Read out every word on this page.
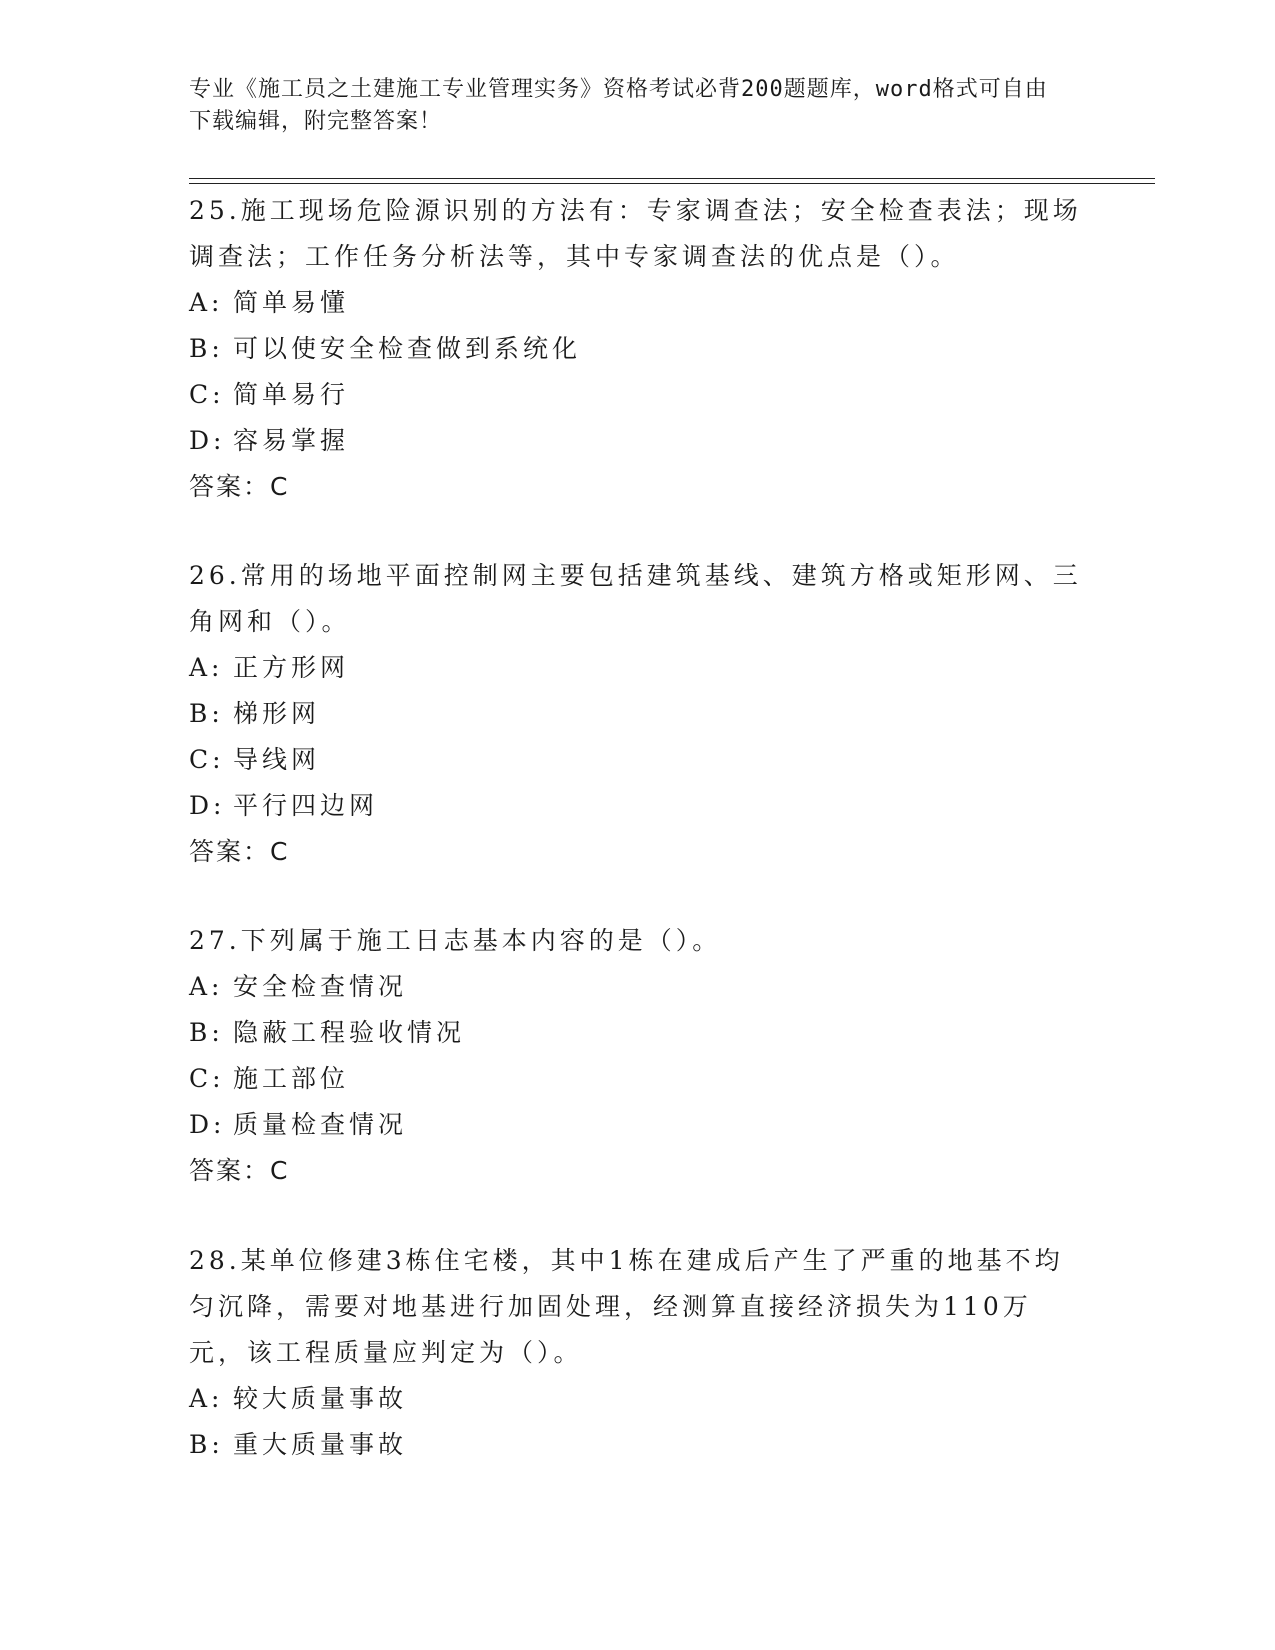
专业《施工员之土建施工专业管理实务》资格考试必背200题题库，word格式可自由下载编辑，附完整答案！
25.施工现场危险源识别的方法有：专家调查法；安全检查表法；现场调查法；工作任务分析法等，其中专家调查法的优点是（）。
A: 简单易懂
B: 可以使安全检查做到系统化
C: 简单易行
D: 容易掌握
答案：C
26.常用的场地平面控制网主要包括建筑基线、建筑方格或矩形网、三角网和（）。
A: 正方形网
B: 梯形网
C: 导线网
D: 平行四边网
答案：C
27.下列属于施工日志基本内容的是（）。
A: 安全检查情况
B: 隐蔽工程验收情况
C: 施工部位
D: 质量检查情况
答案：C
28.某单位修建3栋住宅楼，其中1栋在建成后产生了严重的地基不均匀沉降，需要对地基进行加固处理，经测算直接经济损失为110万元，该工程质量应判定为（）。
A: 较大质量事故
B: 重大质量事故
